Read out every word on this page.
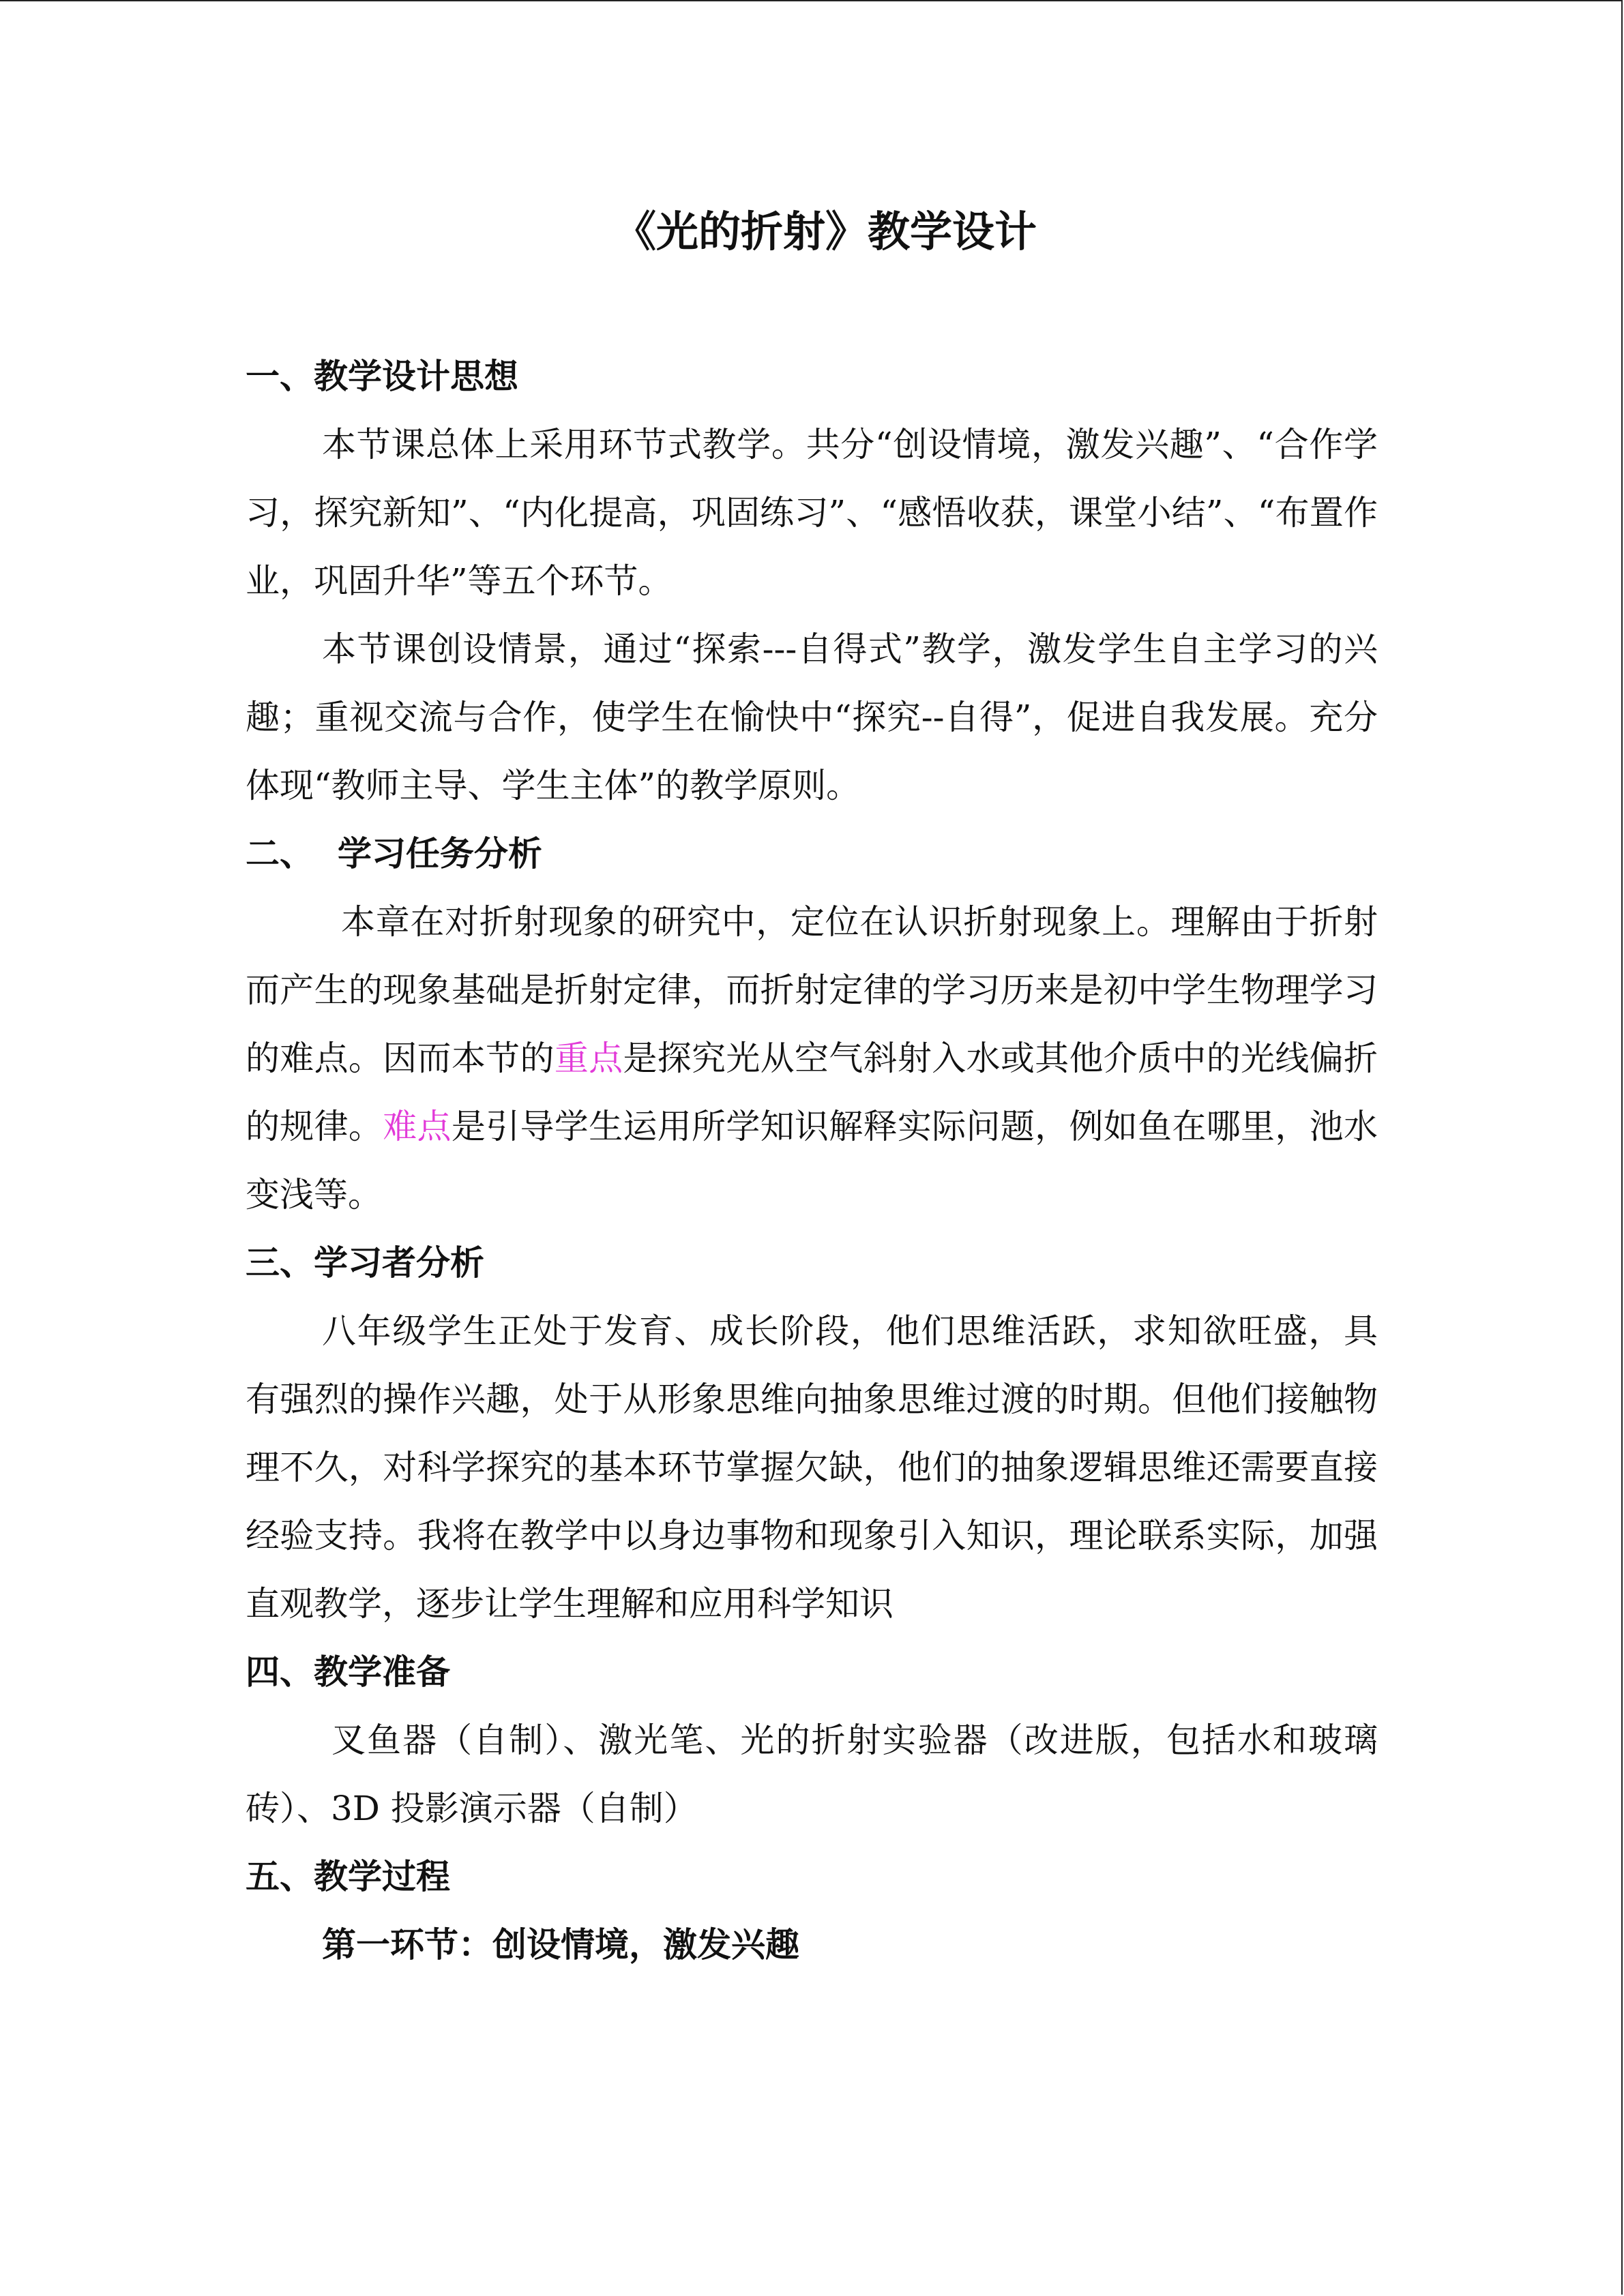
《光的折射》教学设计

一、教学设计思想

本节课总体上采用环节式教学。共分“创设情境，激发兴趣”、“合作学习，探究新知”、“内化提高，巩固练习”、“感悟收获，课堂小结”、“布置作业，巩固升华”等五个环节。

本节课创设情景，通过“探索---自得式”教学，激发学生自主学习的兴趣；重视交流与合作，使学生在愉快中“探究--自得”，促进自我发展。充分体现“教师主导、学生主体”的教学原则。

二、  学习任务分析

本章在对折射现象的研究中，定位在认识折射现象上。理解由于折射而产生的现象基础是折射定律，而折射定律的学习历来是初中学生物理学习的难点。因而本节的重点是探究光从空气斜射入水或其他介质中的光线偏折的规律。难点是引导学生运用所学知识解释实际问题，例如鱼在哪里，池水变浅等。

三、学习者分析

八年级学生正处于发育、成长阶段，他们思维活跃，求知欲旺盛，具有强烈的操作兴趣，处于从形象思维向抽象思维过渡的时期。但他们接触物理不久，对科学探究的基本环节掌握欠缺，他们的抽象逻辑思维还需要直接经验支持。我将在教学中以身边事物和现象引入知识，理论联系实际，加强直观教学，逐步让学生理解和应用科学知识

四、教学准备

叉鱼器（自制）、激光笔、光的折射实验器（改进版，包括水和玻璃砖）、3D 投影演示器（自制）

五、教学过程

第一环节：创设情境，激发兴趣
